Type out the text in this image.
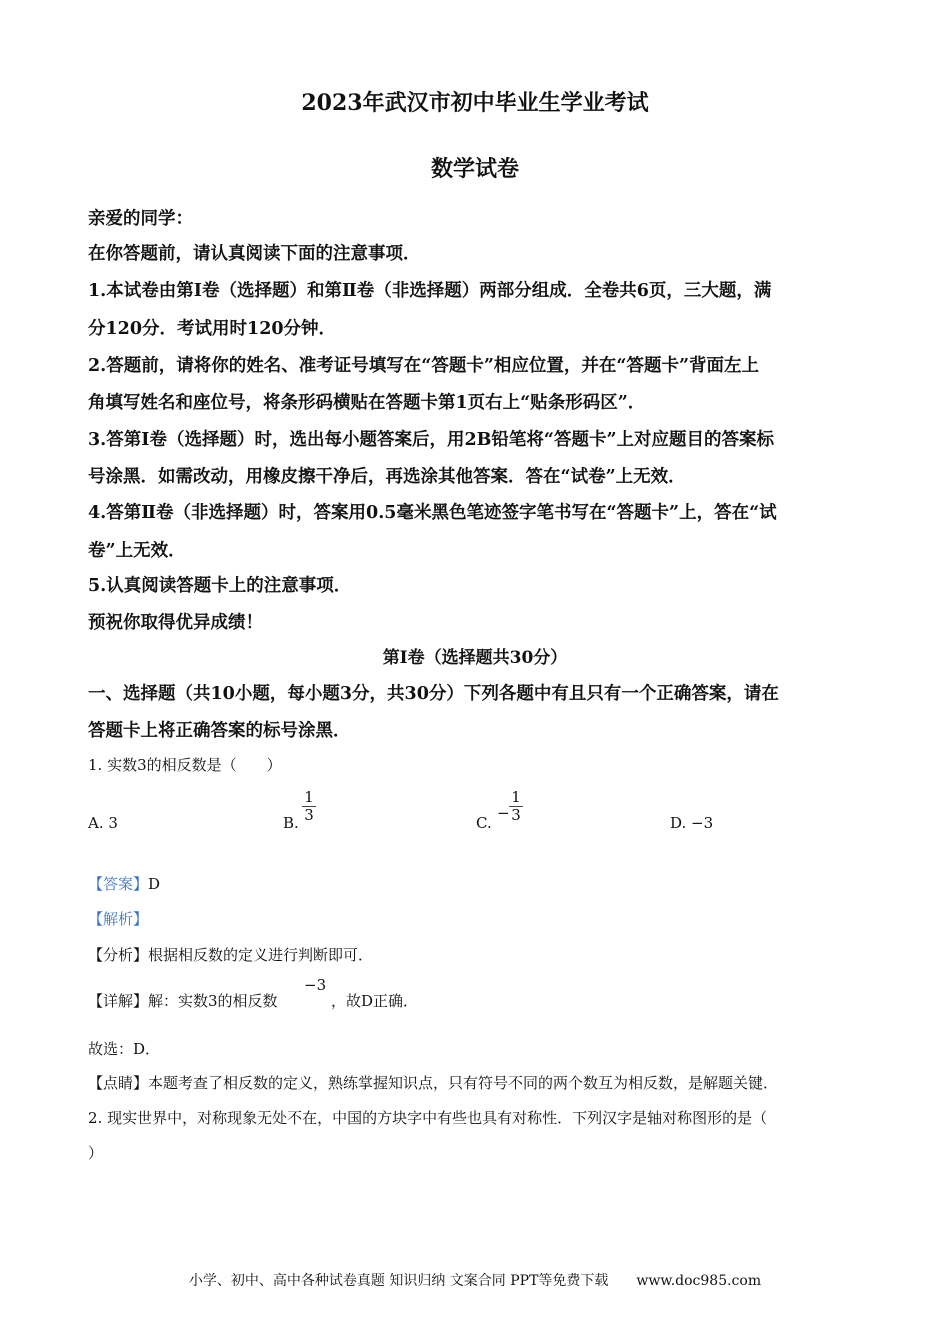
2023年武汉市初中毕业生学业考试
数学试卷
亲爱的同学：
在你答题前，请认真阅读下面的注意事项．
1.本试卷由第Ⅰ卷（选择题）和第Ⅱ卷（非选择题）两部分组成．全卷共6页，三大题，满
分120分．考试用时120分钟．
2.答题前，请将你的姓名、准考证号填写在“答题卡”相应位置，并在“答题卡”背面左上
角填写姓名和座位号，将条形码横贴在答题卡第1页右上“贴条形码区”．
3.答第Ⅰ卷（选择题）时，选出每小题答案后，用2B铅笔将“答题卡”上对应题目的答案标
号涂黑．如需改动，用橡皮擦干净后，再选涂其他答案．答在“试卷”上无效．
4.答第Ⅱ卷（非选择题）时，答案用0.5毫米黑色笔迹签字笔书写在“答题卡”上，答在“试
卷”上无效．
5.认真阅读答题卡上的注意事项．
预祝你取得优异成绩！
第Ⅰ卷（选择题共30分）
一、选择题（共10小题，每小题3分，共30分）下列各题中有且只有一个正确答案，请在
答题卡上将正确答案的标号涂黑．
1. 实数3的相反数是（　　）
A. 3	B. $\frac{1}{3}$	C.
− $\frac{1}{3}$	D. −3
【答案】D
【解析】
【分析】根据相反数的定义进行判断即可．
【详解】解：实数3的相反数
−3
，故D正确．
故选：D．
【点睛】本题考查了相反数的定义，熟练掌握知识点，只有符号不同的两个数互为相反数，是解题关键．
2. 现实世界中，对称现象无处不在，中国的方块字中有些也具有对称性．下列汉字是轴对称图形的是（
）
小学、初中、高中各种试卷真题 知识归纳 文案合同 PPT等免费下载　　www.doc985.com
